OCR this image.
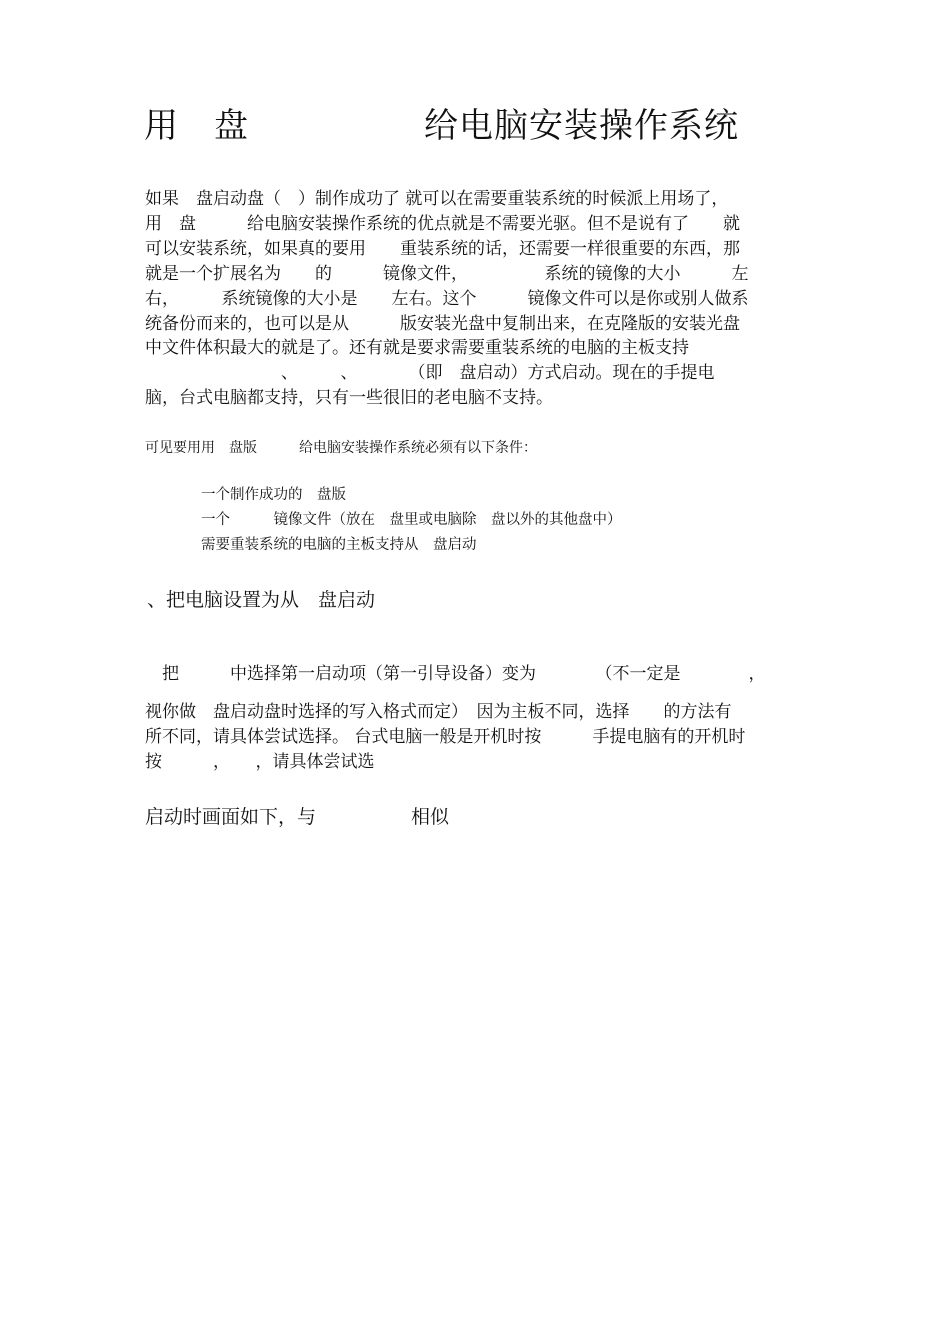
用　盘　　　　　给电脑安装操作系统
如果　盘启动盘（　）制作成功了 就可以在需要重装系统的时候派上用场了，
用　盘　　　给电脑安装操作系统的优点就是不需要光驱。但不是说有了　　就
可以安装系统，如果真的要用　　重装系统的话，还需要一样很重要的东西，那
就是一个扩展名为　　的　　　镜像文件，　　　　　系统的镜像的大小　　　左
右，　　　系统镜像的大小是　　左右。这个　　　镜像文件可以是你或别人做系
统备份而来的，也可以是从　　　版安装光盘中复制出来，在克隆版的安装光盘
中文件体积最大的就是了。还有就是要求需要重装系统的电脑的主板支持
　　　　　　　　、　　　、　　　　（即　盘启动）方式启动。现在的手提电
脑，台式电脑都支持，只有一些很旧的老电脑不支持。
可见要用用　盘版　　　给电脑安装操作系统必须有以下条件：
一个制作成功的　盘版
一个　　　镜像文件（放在　盘里或电脑除　盘以外的其他盘中）
需要重装系统的电脑的主板支持从　盘启动
、把电脑设置为从　盘启动
　把　　　中选择第一启动项（第一引导设备）变为　　　　（不一定是　　　　，
视你做　盘启动盘时选择的写入格式而定）　因为主板不同，选择　　的方法有
所不同，请具体尝试选择。 台式电脑一般是开机时按　　　手提电脑有的开机时
按　　　，　　，请具体尝试选
启动时画面如下，与　　　　　相似
